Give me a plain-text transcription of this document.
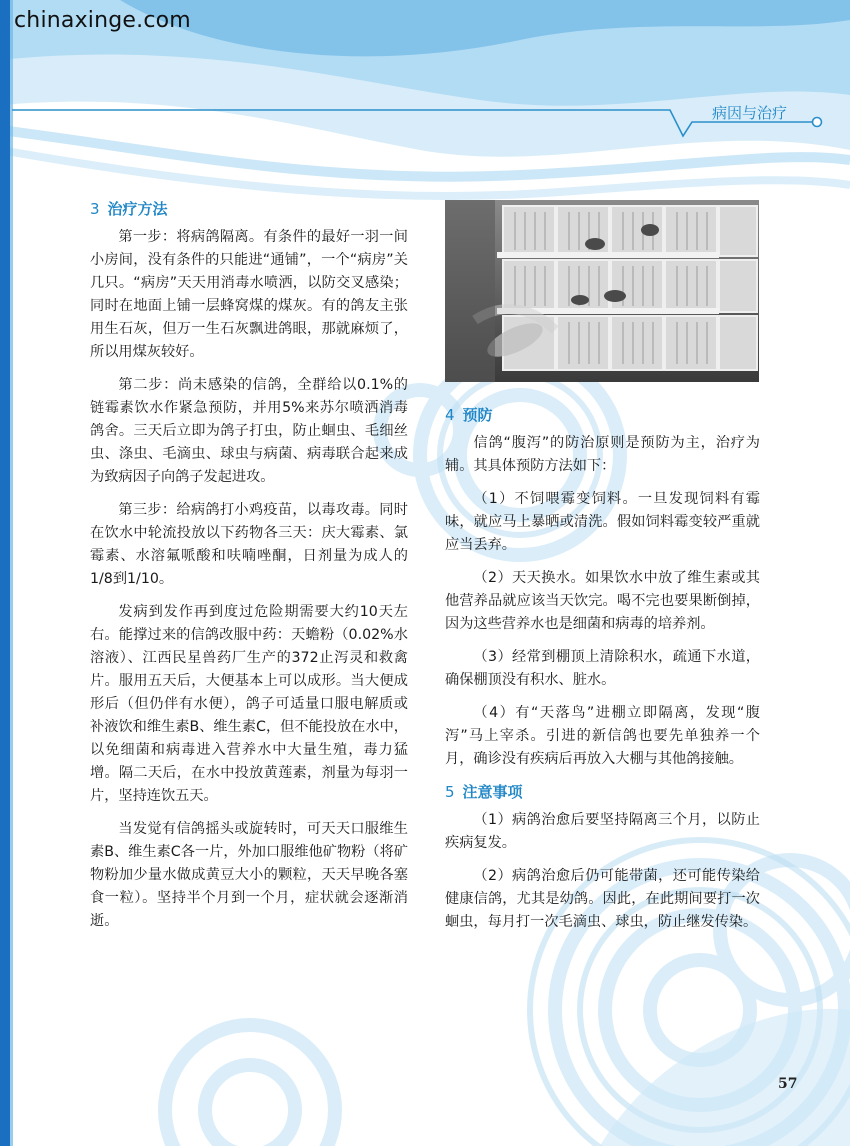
chinaxinge.com
病因与治疗
3 治疗方法

第一步：将病鸽隔离。有条件的最好一羽一间小房间，没有条件的只能进“通铺”，一个“病房”关几只。“病房”天天用消毒水喷洒，以防交叉感染；同时在地面上铺一层蜂窝煤的煤灰。有的鸽友主张用生石灰，但万一生石灰飘进鸽眼，那就麻烦了，所以用煤灰较好。

第二步：尚未感染的信鸽，全群给以0.1%的链霉素饮水作紧急预防，并用5%来苏尔喷洒消毒鸽舍。三天后立即为鸽子打虫，防止蛔虫、毛细丝虫、涤虫、毛滴虫、球虫与病菌、病毒联合起来成为致病因子向鸽子发起进攻。

第三步：给病鸽打小鸡疫苗，以毒攻毒。同时在饮水中轮流投放以下药物各三天：庆大霉素、氯霉素、水溶氟哌酸和呋喃唑酮，日剂量为成人的1/8到1/10。

发病到发作再到度过危险期需要大约10天左右。能撑过来的信鸽改服中药：天蟾粉（0.02%水溶液）、江西民星兽药厂生产的372止泻灵和救禽片。服用五天后，大便基本上可以成形。当大便成形后（但仍伴有水便），鸽子可适量口服电解质或补液饮和维生素B、维生素C，但不能投放在水中，以免细菌和病毒进入营养水中大量生殖，毒力猛增。隔二天后，在水中投放黄莲素，剂量为每羽一片，坚持连饮五天。

当发觉有信鸽摇头或旋转时，可天天口服维生素B、维生素C各一片，外加口服维他矿物粉（将矿物粉加少量水做成黄豆大小的颗粒，天天早晚各塞食一粒）。坚持半个月到一个月，症状就会逐渐消逝。

4 预防

信鸽“腹泻”的防治原则是预防为主，治疗为辅。其具体预防方法如下：

（1）不饲喂霉变饲料。一旦发现饲料有霉味，就应马上暴晒或清洗。假如饲料霉变较严重就应当丢弃。

（2）天天换水。如果饮水中放了维生素或其他营养品就应该当天饮完。喝不完也要果断倒掉，因为这些营养水也是细菌和病毒的培养剂。

（3）经常到棚顶上清除积水，疏通下水道，确保棚顶没有积水、脏水。

（4）有“天落鸟”进棚立即隔离，发现“腹泻”马上宰杀。引进的新信鸽也要先单独养一个月，确诊没有疾病后再放入大棚与其他鸽接触。

5 注意事项

（1）病鸽治愈后要坚持隔离三个月，以防止疾病复发。

（2）病鸽治愈后仍可能带菌，还可能传染给健康信鸽，尤其是幼鸽。因此，在此期间要打一次蛔虫，每月打一次毛滴虫、球虫，防止继发传染。

57
